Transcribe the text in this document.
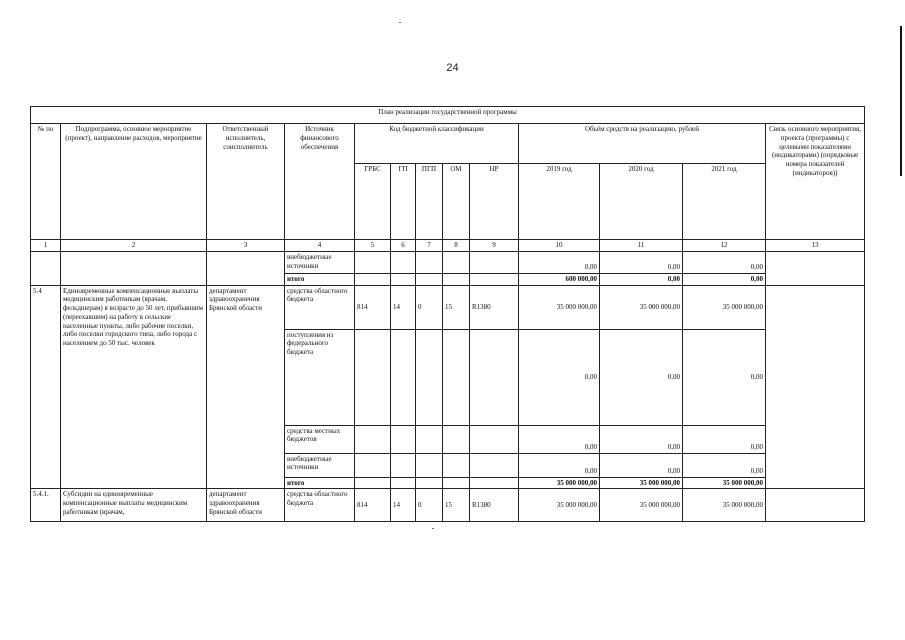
24
План реализации государственной программы												
№ по	Подпрограмма, основное мероприятие (проект), направление расходов, мероприятие	Ответственный исполнитель, соисполнитель	Источник финансового обеспечения	Код бюджетной классификации					Объём средств на реализацию, рублей			Связь основного мероприятия, проекта (программы) с целевыми показателями (индикаторами) (порядковые номера показателей (индикаторов))
				ГРБС	ГП	ПГП	ОМ	НР	2019 год	2020 год	2021 год	
1	2	3	4	5	6	7	8	9	10	11	12	13
			внебюджетные источники						0,00	0,00	0,00	
			итого						600 000,00	0,00	0,00	
5.4	Единовременные компенсационные выплаты медицинским работникам (врачам, фельдшерам) в возрасте до 50 лет, прибывшим (переехавшим) на работу в сельские населенные пункты, либо рабочие поселки, либо поселки городского типа, либо города с населением до 50 тыс. человек	департамент здравоохранения Брянской области	средства областного бюджета	814	14	0	15	R1380	35 000 000,00	35 000 000,00	35 000 000,00	
			поступления из федерального бюджета						0,00	0,00	0,00	
			средства местных бюджетов						0,00	0,00	0,00	
			внебюджетные источники						0,00	0,00	0,00	
			итого						35 000 000,00	35 000 000,00	35 000 000,00	
5.4.1.	Субсидии на единовременные компенсационные выплаты медицинским работникам (врачам,	департамент здравоохранения Брянской области	средства областного бюджета	814	14	0	15	R1380	35 000 000,00	35 000 000,00	35 000 000,00	
